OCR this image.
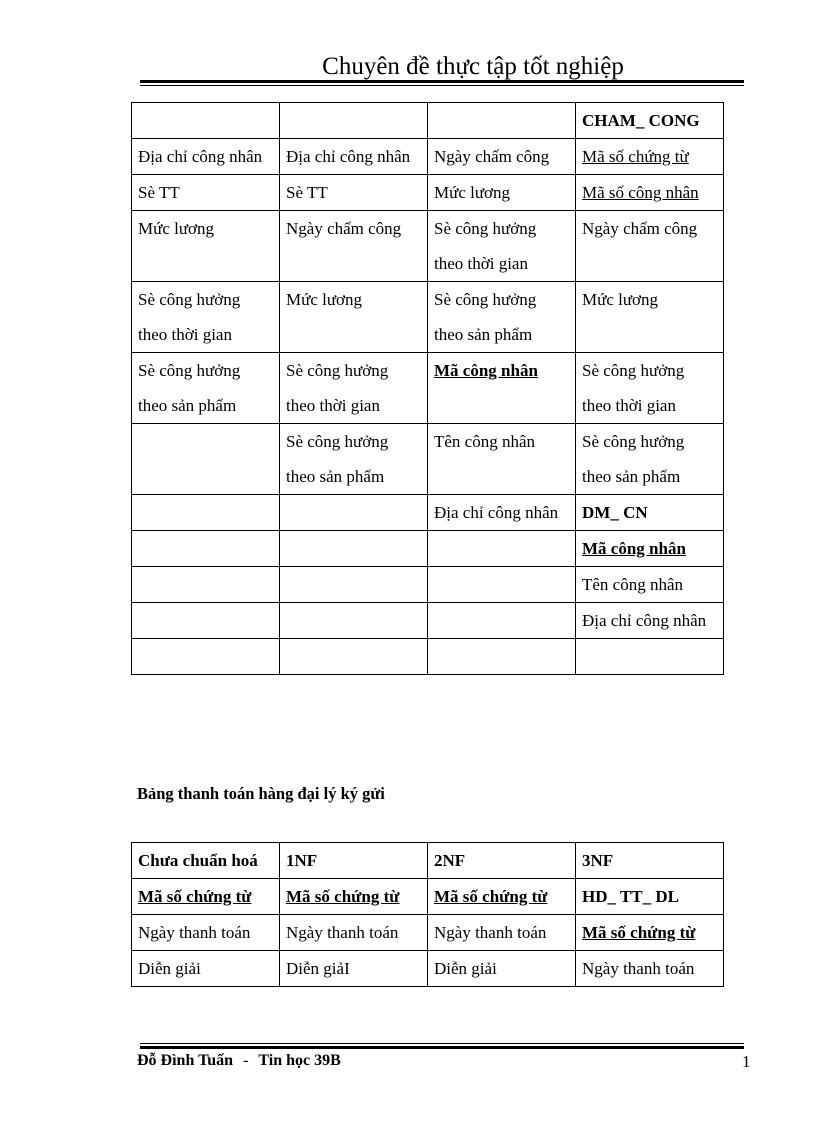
Chuyên đề thực tập tốt nghiệp
			CHAM_ CONG
Địa chỉ công nhân	Địa chỉ công nhân	Ngày chấm công	Mã số chứng từ
Sè TT	Sè TT	Mức lương	Mã số công nhân
Mức lương	Ngày chấm công	Sè công hưởng theo thời gian	Ngày chấm công
Sè công hưởng theo thời gian	Mức lương	Sè công hưởng theo sản phẩm	Mức lương
Sè công hưởng theo sản phẩm	Sè công hưởng theo thời gian	Mã công nhân	Sè công hưởng theo thời gian
	Sè công hưởng theo sản phẩm	Tên công nhân	Sè công hưởng theo sản phẩm
		Địa chỉ công nhân	DM_ CN
			Mã công nhân
			Tên công nhân
			Địa chỉ công nhân

Bảng thanh toán hàng đại lý ký gửi
Chưa chuẩn hoá	1NF	2NF	3NF
Mã số chứng từ	Mã số chứng từ	Mã số chứng từ	HD_ TT_ DL
Ngày thanh toán	Ngày thanh toán	Ngày thanh toán	Mã số chứng từ
Diễn giải	Diễn giảI	Diễn giải	Ngày thanh toán
Đỗ Đình Tuấn - Tin học 39B	1
